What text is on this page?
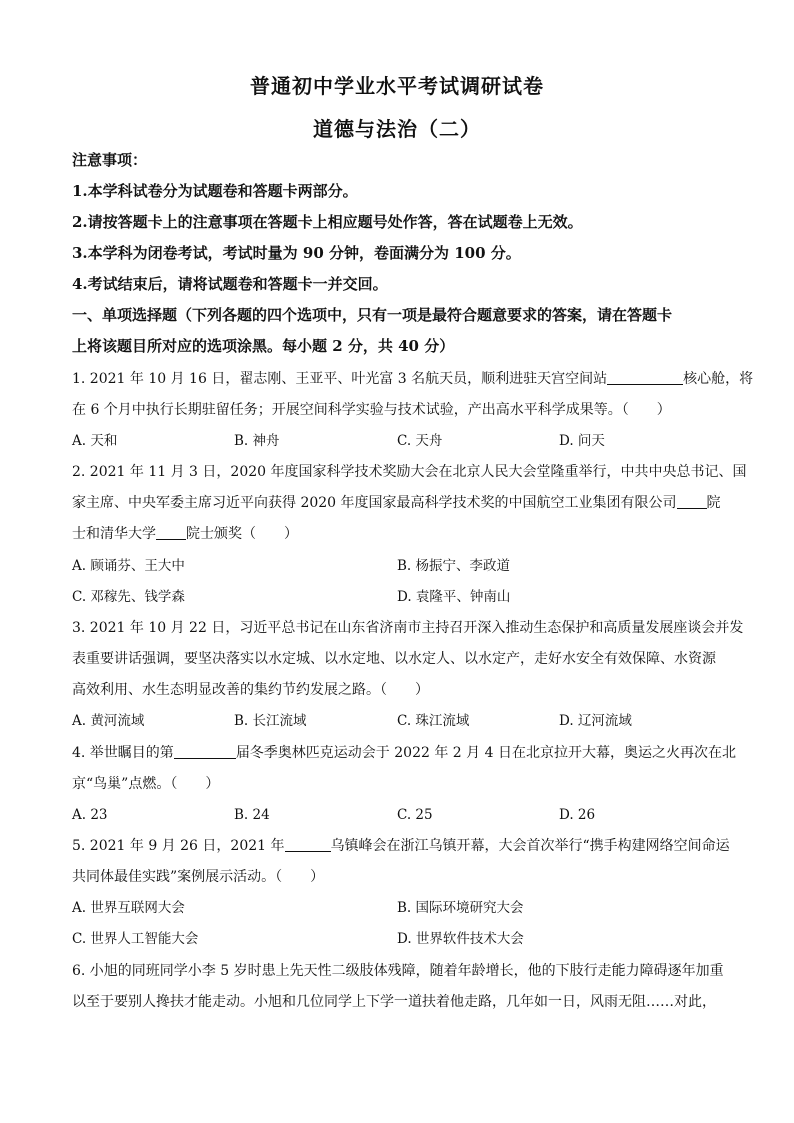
普通初中学业水平考试调研试卷
道德与法治（二）
注意事项：
1.本学科试卷分为试题卷和答题卡两部分。
2.请按答题卡上的注意事项在答题卡上相应题号处作答，答在试题卷上无效。
3.本学科为闭卷考试，考试时量为 90 分钟，卷面满分为 100 分。
4.考试结束后，请将试题卷和答题卡一并交回。
一、单项选择题（下列各题的四个选项中，只有一项是最符合题意要求的答案，请在答题卡
上将该题目所对应的选项涂黑。每小题 2 分，共 40 分）
1. 2021 年 10 月 16 日，翟志刚、王亚平、叶光富 3 名航天员，顺利进驻天宫空间站	核心舱，将
在 6 个月中执行长期驻留任务；开展空间科学实验与技术试验，产出高水平科学成果等。（　　）
A. 天和	B. 神舟	C. 天舟	D. 问天
2. 2021 年 11 月 3 日，2020 年度国家科学技术奖励大会在北京人民大会堂隆重举行，中共中央总书记、国
家主席、中央军委主席习近平向获得 2020 年度国家最高科学技术奖的中国航空工业集团有限公司 院
士和清华大学 院士颁奖（　　）
A. 顾诵芬、王大中	B. 杨振宁、李政道
C. 邓稼先、钱学森	D. 袁隆平、钟南山
3. 2021 年 10 月 22 日，习近平总书记在山东省济南市主持召开深入推动生态保护和高质量发展座谈会并发
表重要讲话强调，要坚决落实以水定城、以水定地、以水定人、以水定产，走好水安全有效保障、水资源
高效利用、水生态明显改善的集约节约发展之路。（　　）
A. 黄河流域	B. 长江流域	C. 珠江流域	D. 辽河流域
4. 举世瞩目的第	届冬季奥林匹克运动会于 2022 年 2 月 4 日在北京拉开大幕，奥运之火再次在北
京“鸟巢”点燃。（　　）
A. 23	B. 24	C. 25	D. 26
5. 2021 年 9 月 26 日，2021 年	乌镇峰会在浙江乌镇开幕，大会首次举行“携手构建网络空间命运
共同体最佳实践”案例展示活动。（　　）
A. 世界互联网大会	B. 国际环境研究大会
C. 世界人工智能大会	D. 世界软件技术大会
6. 小旭的同班同学小李 5 岁时患上先天性二级肢体残障，随着年龄增长，他的下肢行走能力障碍逐年加重
以至于要别人搀扶才能走动。小旭和几位同学上下学一道扶着他走路，几年如一日，风雨无阻……对此，
